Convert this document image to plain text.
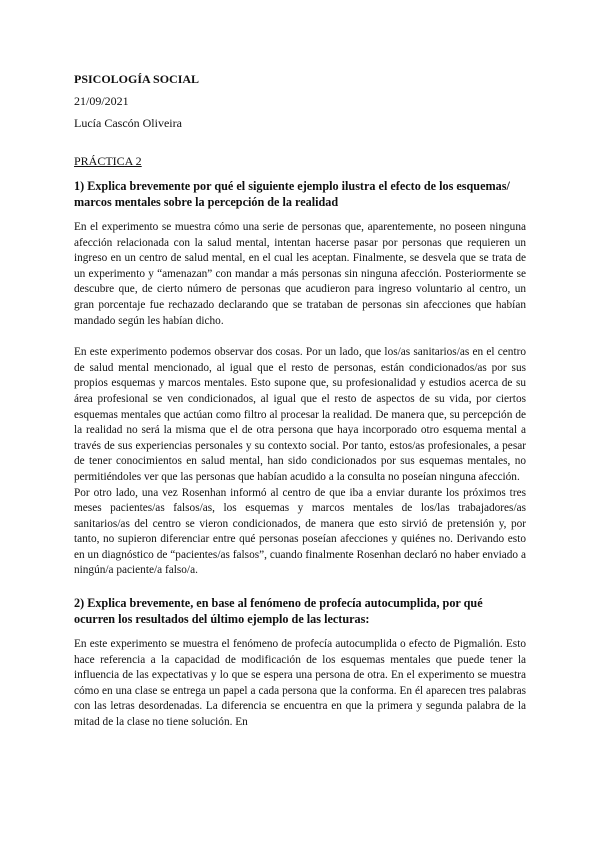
PSICOLOGÍA SOCIAL
21/09/2021
Lucía Cascón Oliveira
PRÁCTICA 2
1) Explica brevemente por qué el siguiente ejemplo ilustra el efecto de los esquemas/ marcos mentales sobre la percepción de la realidad

En el experimento se muestra cómo una serie de personas que, aparentemente, no poseen ninguna afección relacionada con la salud mental, intentan hacerse pasar por personas que requieren un ingreso en un centro de salud mental, en el cual les aceptan. Finalmente, se desvela que se trata de un experimento y “amenazan” con mandar a más personas sin ninguna afección. Posteriormente se descubre que, de cierto número de personas que acudieron para ingreso voluntario al centro, un gran porcentaje fue rechazado declarando que se trataban de personas sin afecciones que habían mandado según les habían dicho.

En este experimento podemos observar dos cosas. Por un lado, que los/as sanitarios/as en el centro de salud mental mencionado, al igual que el resto de personas, están condicionados/as por sus propios esquemas y marcos mentales. Esto supone que, su profesionalidad y estudios acerca de su área profesional se ven condicionados, al igual que el resto de aspectos de su vida, por ciertos esquemas mentales que actúan como filtro al procesar la realidad. De manera que, su percepción de la realidad no será la misma que el de otra persona que haya incorporado otro esquema mental a través de sus experiencias personales y su contexto social. Por tanto, estos/as profesionales, a pesar de tener conocimientos en salud mental, han sido condicionados por sus esquemas mentales, no permitiéndoles ver que las personas que habían acudido a la consulta no poseían ninguna afección.

Por otro lado, una vez Rosenhan informó al centro de que iba a enviar durante los próximos tres meses pacientes/as falsos/as, los esquemas y marcos mentales de los/las trabajadores/as sanitarios/as del centro se vieron condicionados, de manera que esto sirvió de pretensión y, por tanto, no supieron diferenciar entre qué personas poseían afecciones y quiénes no. Derivando esto en un diagnóstico de “pacientes/as falsos”, cuando finalmente Rosenhan declaró no haber enviado a ningún/a paciente/a falso/a.

2) Explica brevemente, en base al fenómeno de profecía autocumplida, por qué ocurren los resultados del último ejemplo de las lecturas:

En este experimento se muestra el fenómeno de profecía autocumplida o efecto de Pigmalión. Esto hace referencia a la capacidad de modificación de los esquemas mentales que puede tener la influencia de las expectativas y lo que se espera una persona de otra. En el experimento se muestra cómo en una clase se entrega un papel a cada persona que la conforma. En él aparecen tres palabras con las letras desordenadas. La diferencia se encuentra en que la primera y segunda palabra de la mitad de la clase no tiene solución. En
